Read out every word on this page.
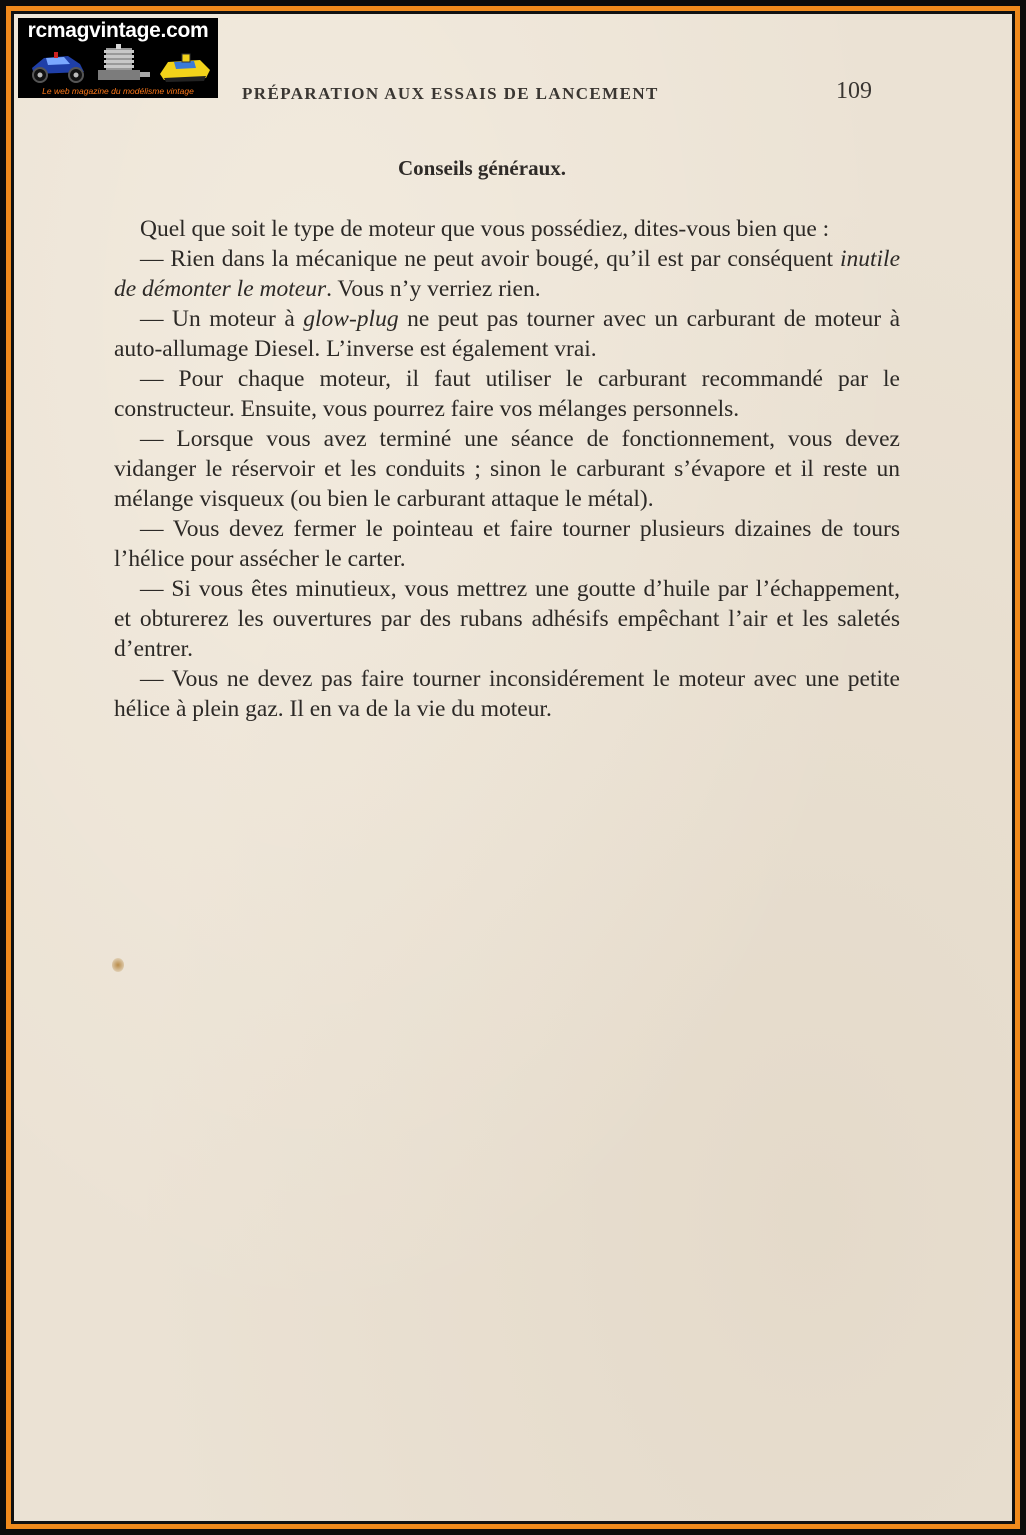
PRÉPARATION AUX ESSAIS DE LANCEMENT	109
Conseils généraux.

Quel que soit le type de moteur que vous possédiez, dites-vous bien que :

— Rien dans la mécanique ne peut avoir bougé, qu’il est par conséquent inutile de démonter le moteur. Vous n’y verriez rien.

— Un moteur à glow-plug ne peut pas tourner avec un carburant de moteur à auto-allumage Diesel. L’inverse est également vrai.

— Pour chaque moteur, il faut utiliser le carburant recommandé par le constructeur. Ensuite, vous pourrez faire vos mélanges personnels.

— Lorsque vous avez terminé une séance de fonctionnement, vous devez vidanger le réservoir et les conduits ; sinon le carburant s’évapore et il reste un mélange visqueux (ou bien le carburant attaque le métal).

— Vous devez fermer le pointeau et faire tourner plusieurs dizaines de tours l’hélice pour assécher le carter.

— Si vous êtes minutieux, vous mettrez une goutte d’huile par l’échappement, et obturerez les ouvertures par des rubans adhésifs empêchant l’air et les saletés d’entrer.

— Vous ne devez pas faire tourner inconsidérement le moteur avec une petite hélice à plein gaz. Il en va de la vie du moteur.

rcmagvintage.com
Le web magazine du modélisme vintage
